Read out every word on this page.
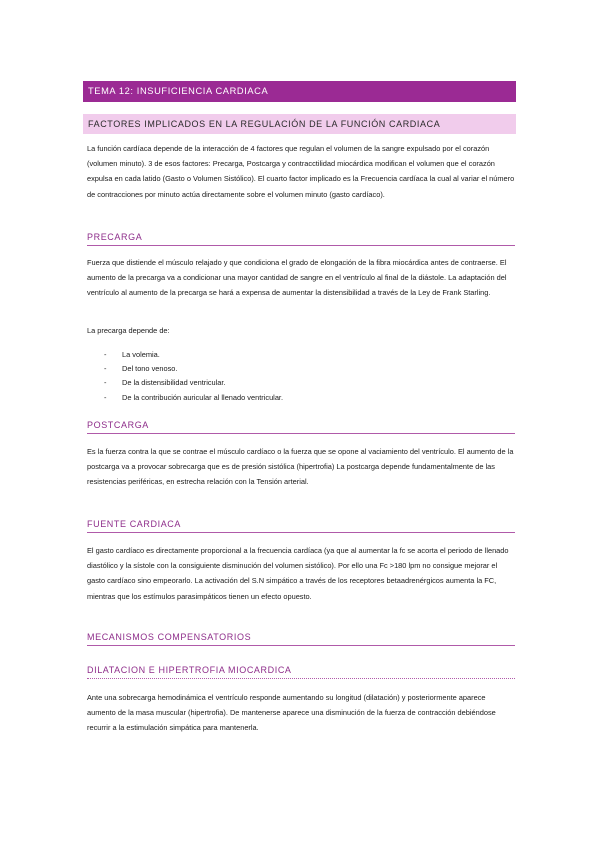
TEMA 12: INSUFICIENCIA CARDIACA
FACTORES IMPLICADOS EN LA REGULACIÓN DE LA FUNCIÓN CARDIACA

La función cardíaca depende de la interacción de 4 factores que regulan el volumen de la sangre expulsado por el corazón (volumen minuto). 3 de esos factores: Precarga, Postcarga y contracctilidad miocárdica modifican el volumen que el corazón expulsa en cada latido (Gasto o Volumen Sistólico). El cuarto factor implicado es la Frecuencia cardíaca la cual al variar el número de contracciones por minuto actúa directamente sobre el volumen minuto (gasto cardíaco).

PRECARGA

Fuerza que distiende el músculo relajado y que condiciona el grado de elongación de la fibra miocárdica antes de contraerse. El aumento de la precarga va a condicionar una mayor cantidad de sangre en el ventrículo al final de la diástole. La adaptación del ventrículo al aumento de la precarga se hará a expensa de aumentar la distensibilidad a través de la Ley de Frank Starling.

La precarga depende de:

- La volemia.
- Del tono venoso.
- De la distensibilidad ventricular.
- De la contribución auricular al llenado ventricular.
POSTCARGA

Es la fuerza contra la que se contrae el músculo cardíaco o la fuerza que se opone al vaciamiento del ventrículo. El aumento de la postcarga va a provocar sobrecarga que es de presión sistólica (hipertrofia) La postcarga depende fundamentalmente de las resistencias periféricas, en estrecha relación con la Tensión arterial.

FUENTE CARDIACA

El gasto cardíaco es directamente proporcional a la frecuencia cardíaca (ya que al aumentar la fc se acorta el periodo de llenado diastólico y la sístole con la consiguiente disminución del volumen sistólico). Por ello una Fc >180 lpm no consigue mejorar el gasto cardíaco sino empeorarlo. La activación del S.N simpático a través de los receptores betaadrenérgicos aumenta la FC, mientras que los estímulos parasimpáticos tienen un efecto opuesto.

MECANISMOS COMPENSATORIOS
DILATACION E HIPERTROFIA MIOCARDICA

Ante una sobrecarga hemodinámica el ventrículo responde aumentando su longitud (dilatación) y posteriormente aparece aumento de la masa muscular (hipertrofia). De mantenerse aparece una disminución de la fuerza de contracción debiéndose recurrir a la estimulación simpática para mantenerla.
